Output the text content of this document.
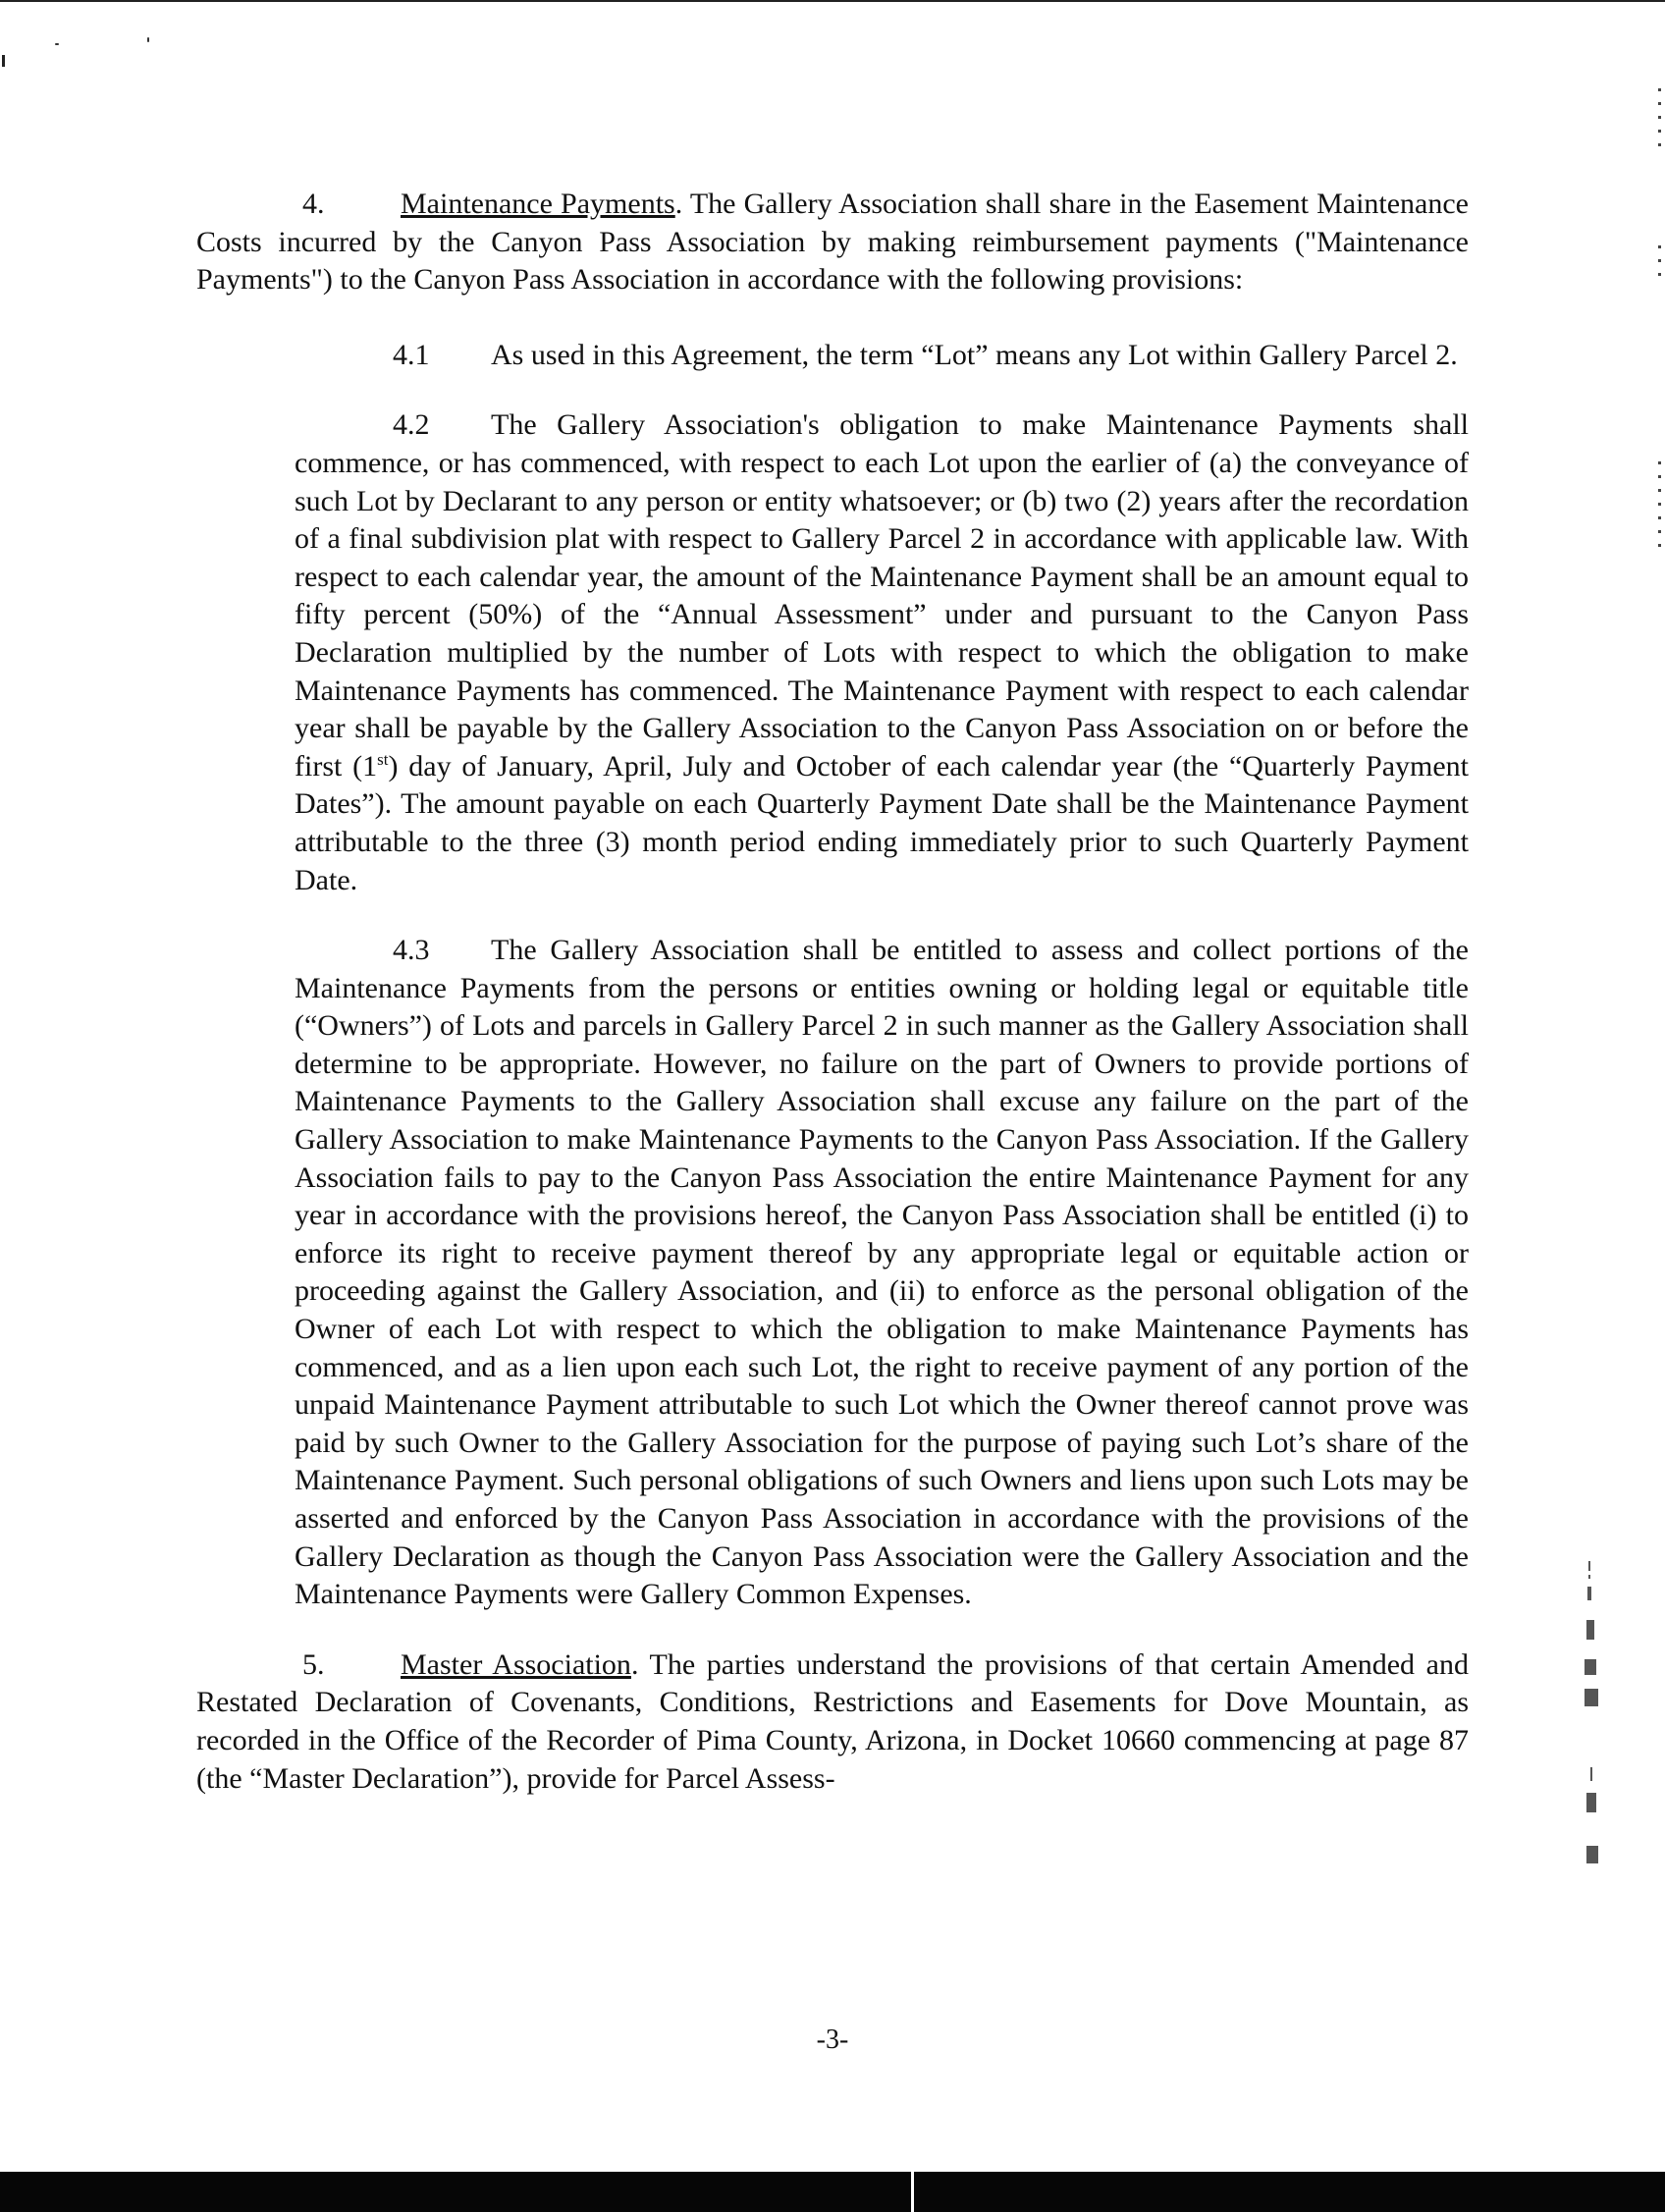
4.	Maintenance Payments. The Gallery Association shall share in the Easement Maintenance Costs incurred by the Canyon Pass Association by making reimbursement payments ("Maintenance Payments") to the Canyon Pass Association in accordance with the following provisions:

4.1 As used in this Agreement, the term “Lot” means any Lot within Gallery Parcel 2.

4.2 The Gallery Association's obligation to make Maintenance Payments shall commence, or has commenced, with respect to each Lot upon the earlier of (a) the conveyance of such Lot by Declarant to any person or entity whatsoever; or (b) two (2) years after the recordation of a final subdivision plat with respect to Gallery Parcel 2 in accordance with applicable law. With respect to each calendar year, the amount of the Maintenance Payment shall be an amount equal to fifty percent (50%) of the “Annual Assessment” under and pursuant to the Canyon Pass Declaration multiplied by the number of Lots with respect to which the obligation to make Maintenance Payments has commenced. The Maintenance Payment with respect to each calendar year shall be payable by the Gallery Association to the Canyon Pass Association on or before the first (1st) day of January, April, July and October of each calendar year (the “Quarterly Payment Dates”). The amount payable on each Quarterly Payment Date shall be the Maintenance Payment attributable to the three (3) month period ending immediately prior to such Quarterly Payment Date.

4.3 The Gallery Association shall be entitled to assess and collect portions of the Maintenance Payments from the persons or entities owning or holding legal or equitable title (“Owners”) of Lots and parcels in Gallery Parcel 2 in such manner as the Gallery Association shall determine to be appropriate. However, no failure on the part of Owners to provide portions of Maintenance Payments to the Gallery Association shall excuse any failure on the part of the Gallery Association to make Maintenance Payments to the Canyon Pass Association. If the Gallery Association fails to pay to the Canyon Pass Association the entire Maintenance Payment for any year in accordance with the provisions hereof, the Canyon Pass Association shall be entitled (i) to enforce its right to receive payment thereof by any appropriate legal or equitable action or proceeding against the Gallery Association, and (ii) to enforce as the personal obligation of the Owner of each Lot with respect to which the obligation to make Maintenance Payments has commenced, and as a lien upon each such Lot, the right to receive payment of any portion of the unpaid Maintenance Payment attributable to such Lot which the Owner thereof cannot prove was paid by such Owner to the Gallery Association for the purpose of paying such Lot’s share of the Maintenance Payment. Such personal obligations of such Owners and liens upon such Lots may be asserted and enforced by the Canyon Pass Association in accordance with the provisions of the Gallery Declaration as though the Canyon Pass Association were the Gallery Association and the Maintenance Payments were Gallery Common Expenses.

5.	Master Association. The parties understand the provisions of that certain Amended and Restated Declaration of Covenants, Conditions, Restrictions and Easements for Dove Mountain, as recorded in the Office of the Recorder of Pima County, Arizona, in Docket 10660 commencing at page 87 (the “Master Declaration”), provide for Parcel Assess-

-3-
